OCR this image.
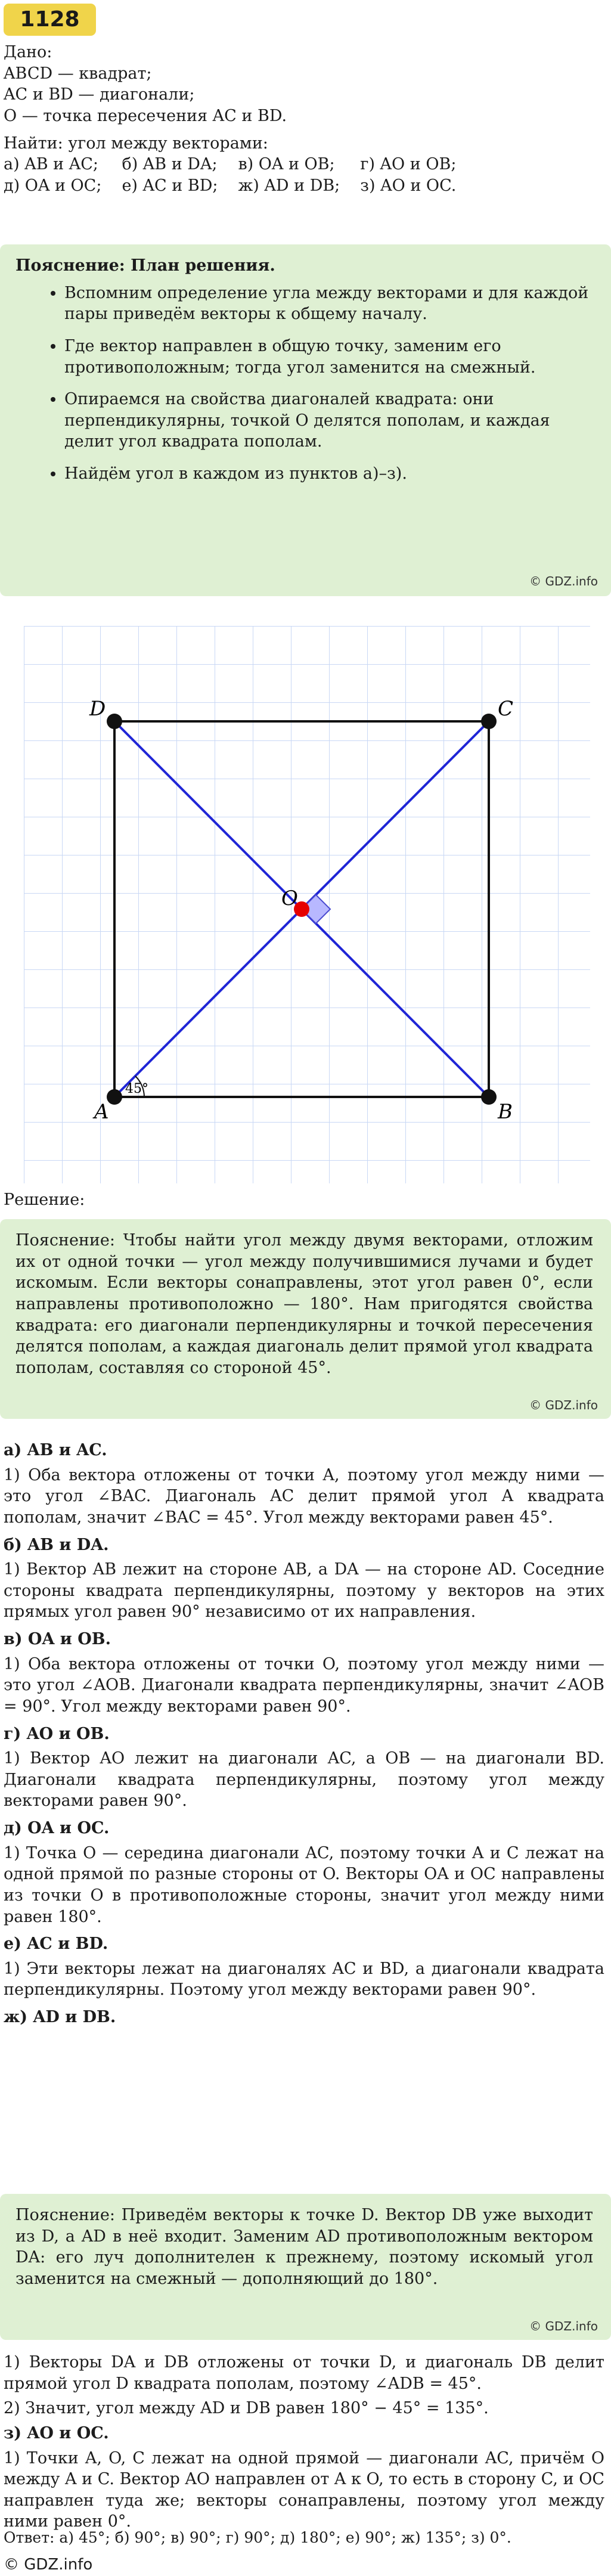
1128

Дано:

ABCD — квадрат;

AC и BD — диагонали;

O — точка пересечения AC и BD.

Найти: угол между векторами:

а) AB и AC; б) AB и DA; в) OA и OB;	г) AO и OB;
д) OA и OC; е) AC и BD; ж) AD и DB; з) AO и OC.
Пояснение: План решения.
• Вспомним определение угла между векторами и для каждой пары приведём векторы к общему началу.
• Где вектор направлен в общую точку, заменим его противоположным; тогда угол заменится на смежный.
• Опираемся на свойства диагоналей квадрата: они перпендикулярны, точкой O делятся пополам, и каждая делит угол квадрата пополам.
• Найдём угол в каждом из пунктов а)–з).
© GDZ.info
A	B
C
D
O
45°
Решение:

Пояснение: Чтобы найти угол между двумя векторами, отложим их от одной точки — угол между получившимися лучами и будет искомым. Если векторы сонаправлены, этот угол равен 0°, если направлены противоположно — 180°. Нам пригодятся свойства квадрата: его диагонали перпендикулярны и точкой пересечения делятся пополам, а каждая диагональ делит прямой угол квадрата пополам, составляя со стороной 45°.

© GDZ.info

а) AB и AC.

1) Оба вектора отложены от точки A, поэтому угол между ними — это угол ∠BAC. Диагональ AC делит прямой угол A квадрата пополам, значит ∠BAC = 45°. Угол между векторами равен 45°.

б) AB и DA.

1) Вектор AB лежит на стороне AB, а DA — на стороне AD. Соседние стороны квадрата перпендикулярны, поэтому у векторов на этих прямых угол равен 90° независимо от их направления.

в) OA и OB.

1) Оба вектора отложены от точки O, поэтому угол между ними — это угол ∠AOB. Диагонали квадрата перпендикулярны, значит ∠AOB = 90°. Угол между векторами равен 90°.

г) AO и OB.

1) Вектор AO лежит на диагонали AC, а OB — на диагонали BD. Диагонали квадрата перпендикулярны, поэтому угол между векторами равен 90°.

д) OA и OC.

1) Точка O — середина диагонали AC, поэтому точки A и C лежат на одной прямой по разные стороны от O. Векторы OA и OC направлены из точки O в противоположные стороны, значит угол между ними равен 180°.

е) AC и BD.

1) Эти векторы лежат на диагоналях AC и BD, а диагонали квадрата перпендикулярны. Поэтому угол между векторами равен 90°.

ж) AD и DB.

Пояснение: Приведём векторы к точке D. Вектор DB уже выходит из D, а AD в неё входит. Заменим AD противоположным вектором DA: его луч дополнителен к прежнему, поэтому искомый угол заменится на смежный — дополняющий до 180°.

© GDZ.info

1) Векторы DA и DB отложены от точки D, и диагональ DB делит прямой угол D квадрата пополам, поэтому ∠ADB = 45°.

2) Значит, угол между AD и DB равен 180° − 45° = 135°.

з) AO и OC.

1) Точки A, O, C лежат на одной прямой — диагонали AC, причём O между A и C. Вектор AO направлен от A к O, то есть в сторону C, и OC направлен туда же; векторы сонаправлены, поэтому угол между ними равен 0°.

Ответ: а) 45°; б) 90°; в) 90°; г) 90°; д) 180°; е) 90°; ж) 135°; з) 0°.
© GDZ.info
